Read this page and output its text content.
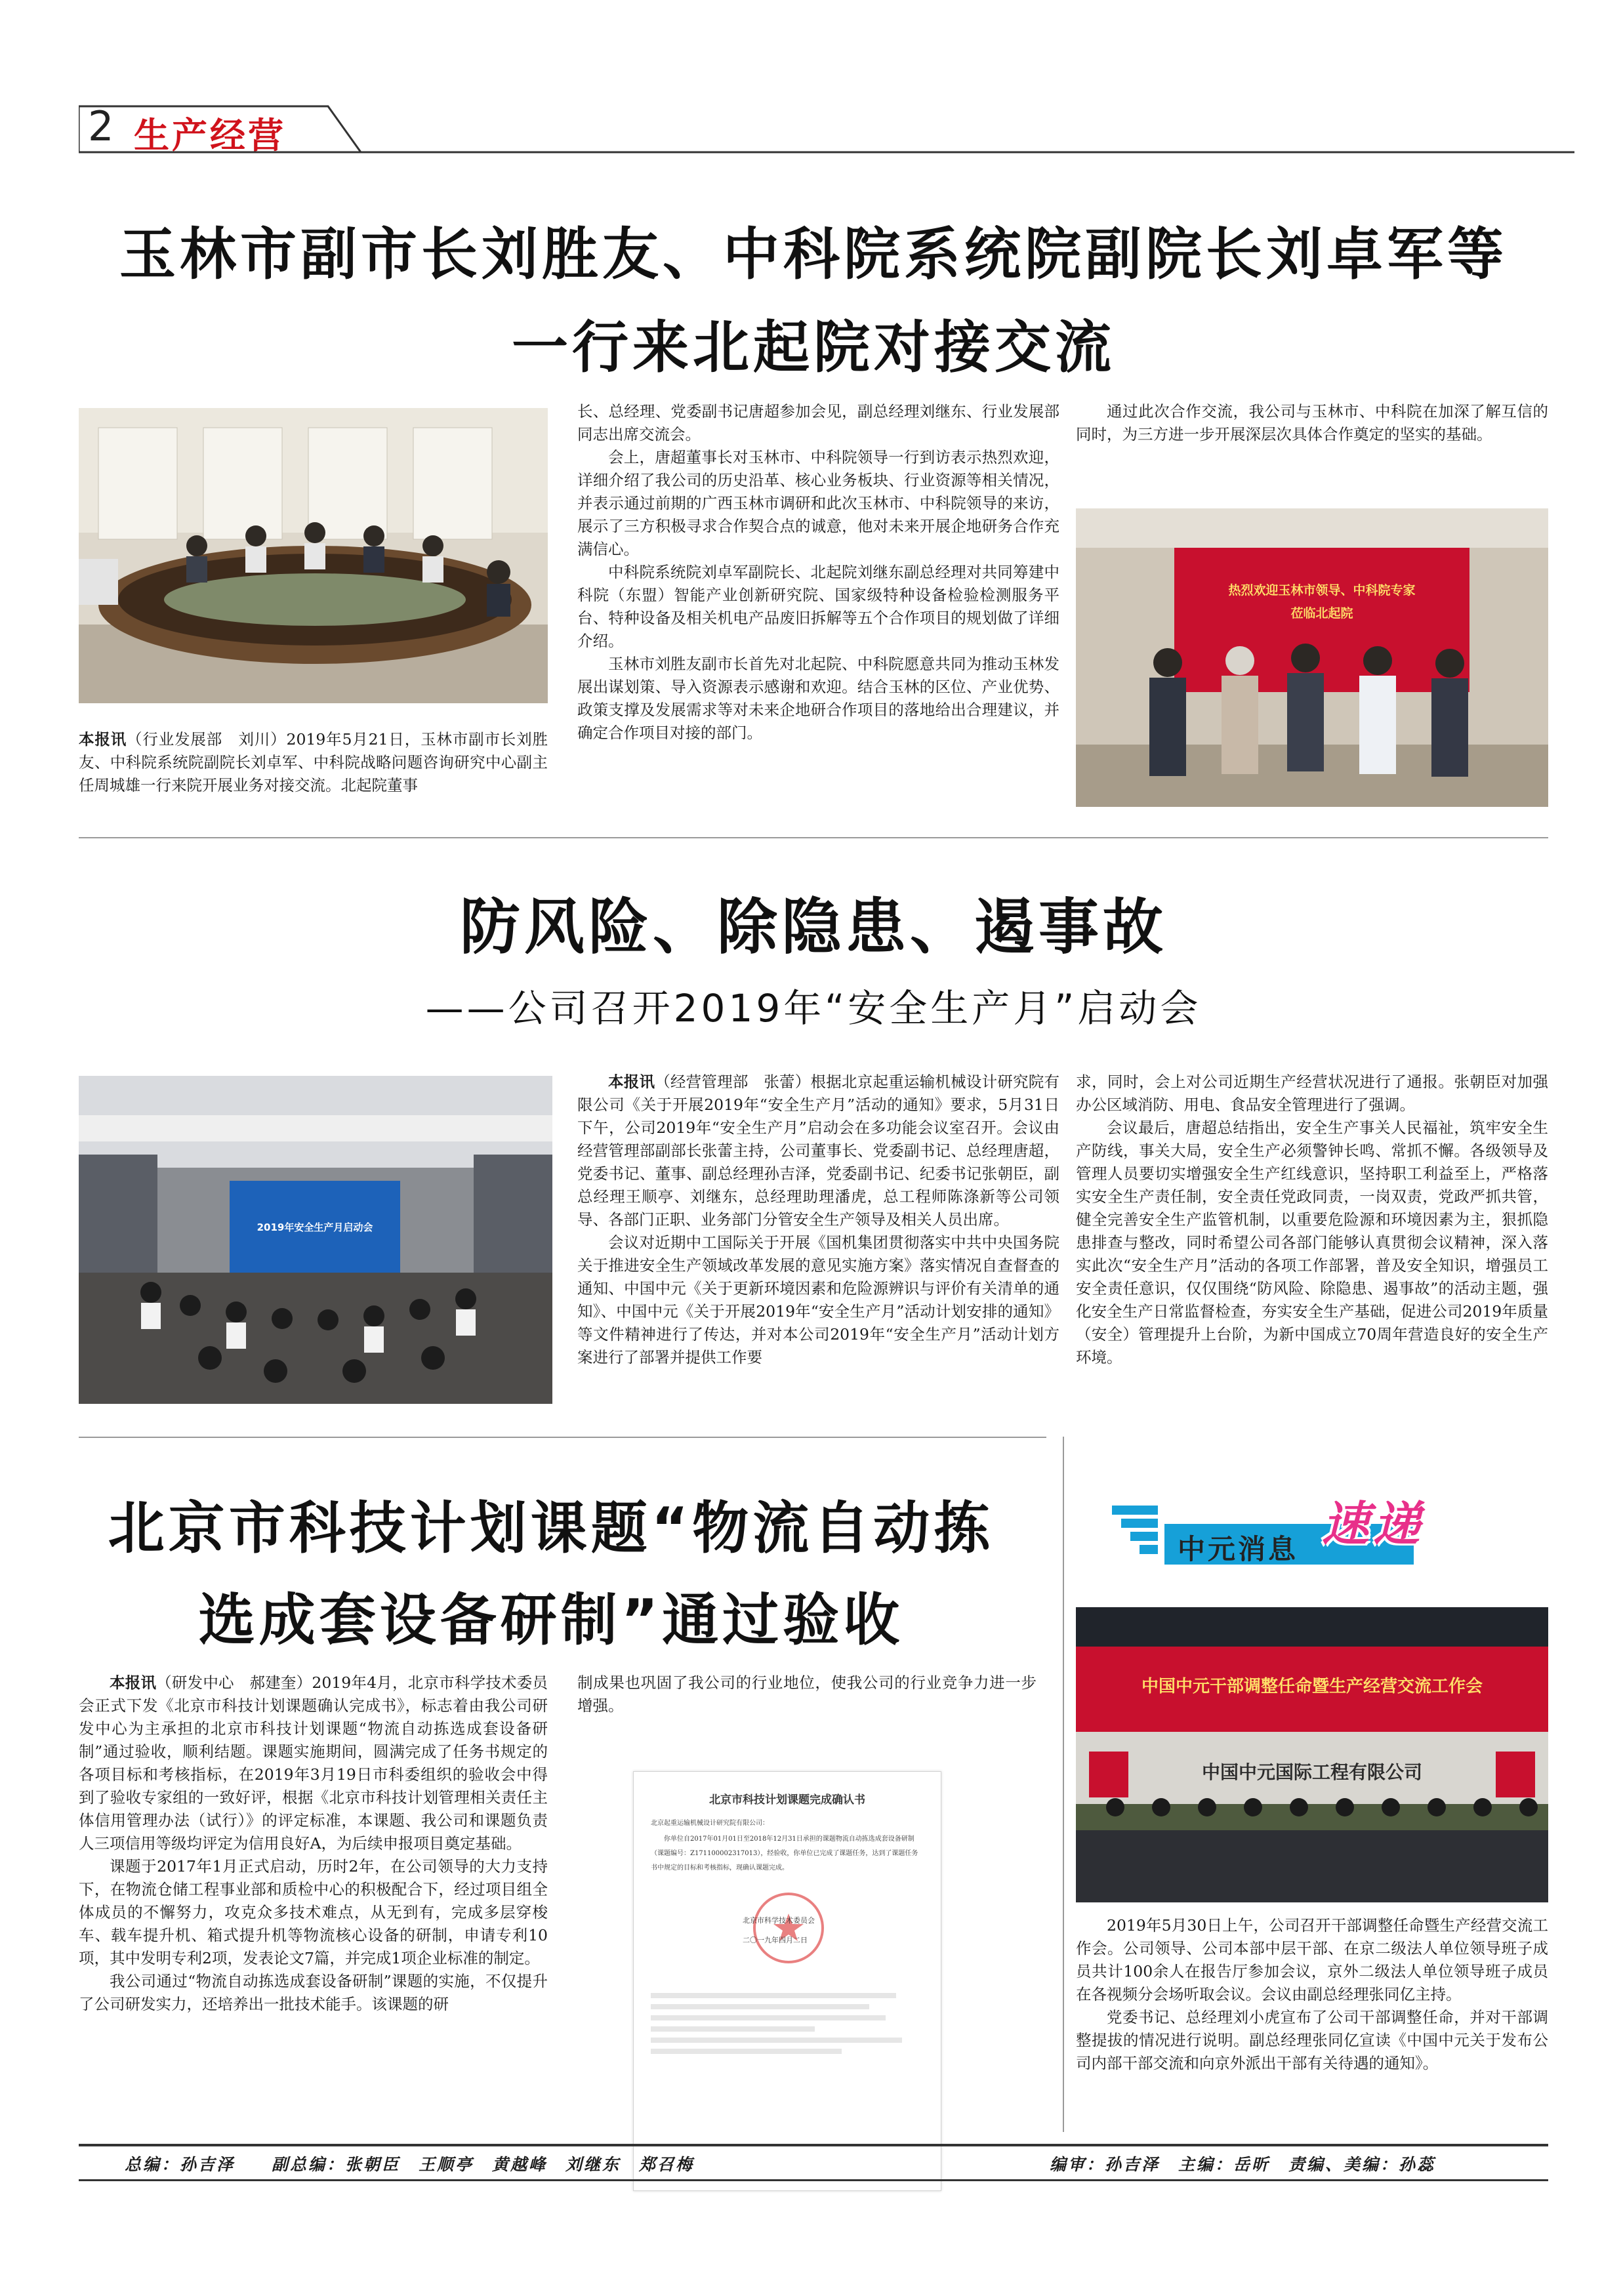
2 生产经营
玉林市副市长刘胜友、中科院系统院副院长刘卓军等
一行来北起院对接交流
本报讯（行业发展部　刘川）2019年5月21日，玉林市副市长刘胜友、中科院系统院副院长刘卓军、中科院战略问题咨询研究中心副主任周城雄一行来院开展业务对接交流。北起院董事

长、总经理、党委副书记唐超参加会见，副总经理刘继东、行业发展部同志出席交流会。

会上，唐超董事长对玉林市、中科院领导一行到访表示热烈欢迎，详细介绍了我公司的历史沿革、核心业务板块、行业资源等相关情况，并表示通过前期的广西玉林市调研和此次玉林市、中科院领导的来访，展示了三方积极寻求合作契合点的诚意，他对未来开展企地研务合作充满信心。

中科院系统院刘卓军副院长、北起院刘继东副总经理对共同筹建中科院（东盟）智能产业创新研究院、国家级特种设备检验检测服务平台、特种设备及相关机电产品废旧拆解等五个合作项目的规划做了详细介绍。

玉林市刘胜友副市长首先对北起院、中科院愿意共同为推动玉林发展出谋划策、导入资源表示感谢和欢迎。结合玉林的区位、产业优势、政策支撑及发展需求等对未来企地研合作项目的落地给出合理建议，并确定合作项目对接的部门。

通过此次合作交流，我公司与玉林市、中科院在加深了解互信的同时，为三方进一步开展深层次具体合作奠定的坚实的基础。

热烈欢迎玉林市领导、中科院专家
莅临北起院
防风险、除隐患、遏事故
——公司召开2019年“安全生产月”启动会
2019年安全生产月启动会

本报讯（经营管理部　张蕾）根据北京起重运输机械设计研究院有限公司《关于开展2019年“安全生产月”活动的通知》要求，5月31日下午，公司2019年“安全生产月”启动会在多功能会议室召开。会议由经营管理部副部长张蕾主持，公司董事长、党委副书记、总经理唐超，党委书记、董事、副总经理孙吉泽，党委副书记、纪委书记张朝臣，副总经理王顺亭、刘继东，总经理助理潘虎，总工程师陈涤新等公司领导、各部门正职、业务部门分管安全生产领导及相关人员出席。

会议对近期中工国际关于开展《国机集团贯彻落实中共中央国务院关于推进安全生产领域改革发展的意见实施方案》落实情况自查督查的通知、中国中元《关于更新环境因素和危险源辨识与评价有关清单的通知》、中国中元《关于开展2019年“安全生产月”活动计划安排的通知》等文件精神进行了传达，并对本公司2019年“安全生产月”活动计划方案进行了部署并提供工作要

求，同时，会上对公司近期生产经营状况进行了通报。张朝臣对加强办公区域消防、用电、食品安全管理进行了强调。

会议最后，唐超总结指出，安全生产事关人民福祉，筑牢安全生产防线，事关大局，安全生产必须警钟长鸣、常抓不懈。各级领导及管理人员要切实增强安全生产红线意识，坚持职工利益至上，严格落实安全生产责任制，安全责任党政同责，一岗双责，党政严抓共管，健全完善安全生产监管机制，以重要危险源和环境因素为主，狠抓隐患排查与整改，同时希望公司各部门能够认真贯彻会议精神，深入落实此次“安全生产月”活动的各项工作部署，普及安全知识，增强员工安全责任意识，仅仅围绕“防风险、除隐患、遏事故”的活动主题，强化安全生产日常监督检查，夯实安全生产基础，促进公司2019年质量（安全）管理提升上台阶，为新中国成立70周年营造良好的安全生产环境。

北京市科技计划课题“物流自动拣
选成套设备研制”通过验收

本报讯（研发中心　郝建奎）2019年4月，北京市科学技术委员会正式下发《北京市科技计划课题确认完成书》，标志着由我公司研发中心为主承担的北京市科技计划课题“物流自动拣选成套设备研制”通过验收，顺利结题。课题实施期间，圆满完成了任务书规定的各项目标和考核指标，在2019年3月19日市科委组织的验收会中得到了验收专家组的一致好评，根据《北京市科技计划管理相关责任主体信用管理办法（试行）》的评定标准，本课题、我公司和课题负责人三项信用等级均评定为信用良好A，为后续申报项目奠定基础。

课题于2017年1月正式启动，历时2年，在公司领导的大力支持下，在物流仓储工程事业部和质检中心的积极配合下，经过项目组全体成员的不懈努力，攻克众多技术难点，从无到有，完成多层穿梭车、载车提升机、箱式提升机等物流核心设备的研制，申请专利10项，其中发明专利2项，发表论文7篇，并完成1项企业标准的制定。

我公司通过“物流自动拣选成套设备研制”课题的实施，不仅提升了公司研发实力，还培养出一批技术能手。该课题的研

制成果也巩固了我公司的行业地位，使我公司的行业竞争力进一步增强。

北京市科技计划课题完成确认书
北京起重运输机械设计研究院有限公司：
你单位自2017年01月01日至2018年12月31日承担的课题物流自动拣选成套设备研制（课题编号：Z171100002317013），经验收，你单位已完成了课题任务，达到了课题任务书中规定的目标和考核指标，现确认课题完成。
北京市科学技术委员会
二〇一九年四月二日
中元消息 速递
中国中元干部调整任命暨生产经营交流工作会
中国中元国际工程有限公司

2019年5月30日上午，公司召开干部调整任命暨生产经营交流工作会。公司领导、公司本部中层干部、在京二级法人单位领导班子成员共计100余人在报告厅参加会议，京外二级法人单位领导班子成员在各视频分会场听取会议。会议由副总经理张同亿主持。

党委书记、总经理刘小虎宣布了公司干部调整任命，并对干部调整提拔的情况进行说明。副总经理张同亿宣读《中国中元关于发布公司内部干部交流和向京外派出干部有关待遇的通知》。

总编：孙吉泽　　副总编：张朝臣　王顺亭　黄越峰　刘继东　郑召梅	编审：孙吉泽　主编：岳昕　责编、美编：孙蕊
